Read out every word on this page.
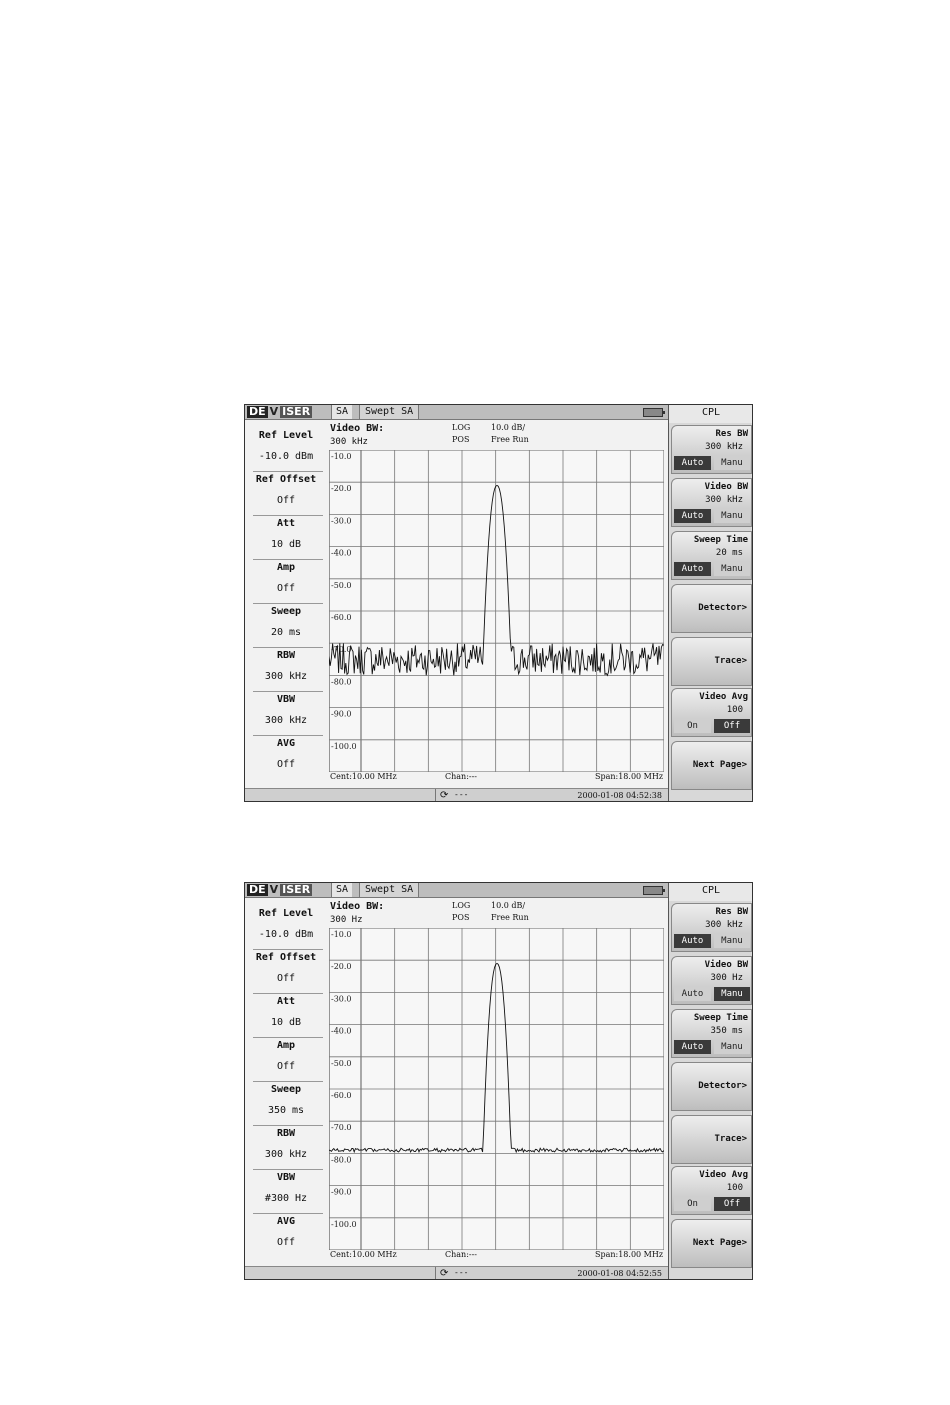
DE V ISER	SA	Swept SA
Ref Level
-10.0 dBm
Ref Offset
Off
Att
10 dB
Amp
Off
Sweep
20 ms
RBW
300 kHz
VBW
300 kHz
AVG
Off
Video BW:
300 kHz
LOG
POS
10.0 dB/
Free Run
-10.0
-20.0
-30.0
-40.0
-50.0
-60.0
-70.0
-80.0
-90.0
-100.0
Cent:10.00 MHz	Chan:---	Span:18.00 MHz
⟳ ---	2000-01-08 04:52:38
CPL
Res BW
300 kHz
Auto	Manu
Video BW
300 kHz
Auto	Manu
Sweep Time
20 ms
Auto	Manu
Detector>
Trace>
Video Avg
100
On	Off
Next Page>
DE V ISER	SA	Swept SA
Ref Level
-10.0 dBm
Ref Offset
Off
Att
10 dB
Amp
Off
Sweep
350 ms
RBW
300 kHz
VBW
#300 Hz
AVG
Off
Video BW:
300 Hz
LOG
POS
10.0 dB/
Free Run
-10.0
-20.0
-30.0
-40.0
-50.0
-60.0
-70.0
-80.0
-90.0
-100.0
Cent:10.00 MHz	Chan:---	Span:18.00 MHz
⟳ ---	2000-01-08 04:52:55
CPL
Res BW
300 kHz
Auto	Manu
Video BW
300 Hz
Auto	Manu
Sweep Time
350 ms
Auto	Manu
Detector>
Trace>
Video Avg
100
On	Off
Next Page>
